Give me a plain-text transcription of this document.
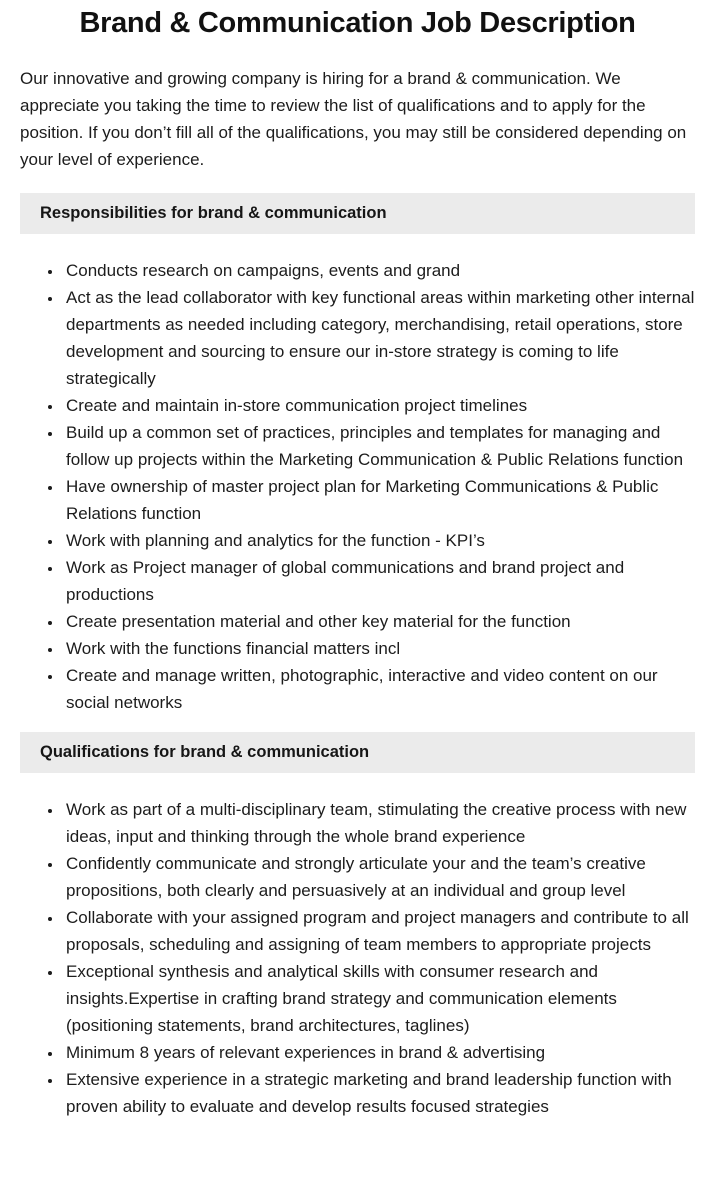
Brand & Communication Job Description

Our innovative and growing company is hiring for a brand & communication. We appreciate you taking the time to review the list of qualifications and to apply for the position. If you don’t fill all of the qualifications, you may still be considered depending on your level of experience.

Responsibilities for brand & communication
• Conducts research on campaigns, events and grand
• Act as the lead collaborator with key functional areas within marketing other internal departments as needed including category, merchandising, retail operations, store development and sourcing to ensure our in-store strategy is coming to life strategically
• Create and maintain in-store communication project timelines
• Build up a common set of practices, principles and templates for managing and follow up projects within the Marketing Communication & Public Relations function
• Have ownership of master project plan for Marketing Communications & Public Relations function
• Work with planning and analytics for the function - KPI’s
• Work as Project manager of global communications and brand project and productions
• Create presentation material and other key material for the function
• Work with the functions financial matters incl
• Create and manage written, photographic, interactive and video content on our social networks
Qualifications for brand & communication
• Work as part of a multi-disciplinary team, stimulating the creative process with new ideas, input and thinking through the whole brand experience
• Confidently communicate and strongly articulate your and the team’s creative propositions, both clearly and persuasively at an individual and group level
• Collaborate with your assigned program and project managers and contribute to all proposals, scheduling and assigning of team members to appropriate projects
• Exceptional synthesis and analytical skills with consumer research and insights.Expertise in crafting brand strategy and communication elements (positioning statements, brand architectures, taglines)
• Minimum 8 years of relevant experiences in brand & advertising
• Extensive experience in a strategic marketing and brand leadership function with proven ability to evaluate and develop results focused strategies
